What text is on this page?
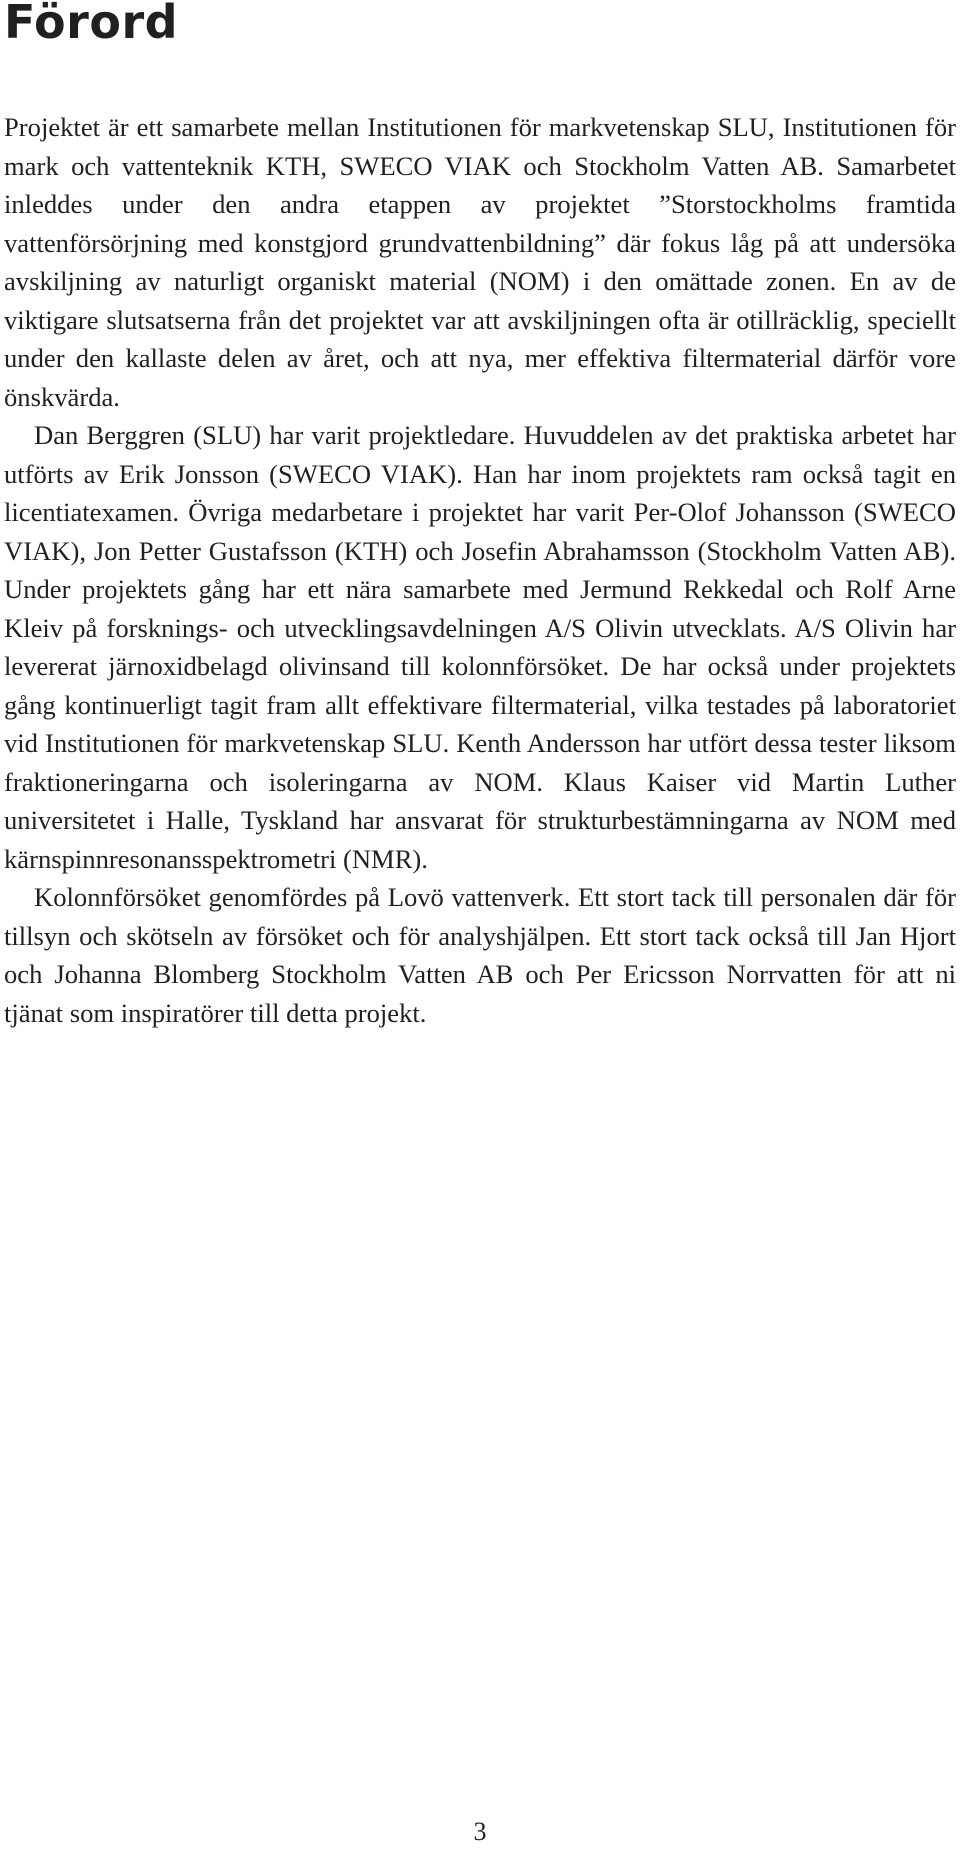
Förord

Projektet är ett samarbete mellan Institutionen för markvetenskap SLU, Institutionen för mark och vattenteknik KTH, SWECO VIAK och Stockholm Vatten AB. Samarbetet inleddes under den andra etappen av projektet ”Storstockholms framtida vattenförsörjning med konstgjord grundvattenbildning” där fokus låg på att undersöka avskiljning av naturligt organiskt material (NOM) i den omättade zonen. En av de viktigare slutsatserna från det projektet var att avskiljningen ofta är otillräcklig, speciellt under den kallaste delen av året, och att nya, mer effektiva filtermaterial därför vore önskvärda.

Dan Berggren (SLU) har varit projektledare. Huvuddelen av det praktiska arbetet har utförts av Erik Jonsson (SWECO VIAK). Han har inom projektets ram också tagit en licentiatexamen. Övriga medarbetare i projektet har varit Per-Olof Johansson (SWECO VIAK), Jon Petter Gustafsson (KTH) och Josefin Abrahamsson (Stockholm Vatten AB). Under projektets gång har ett nära samarbete med Jermund Rekkedal och Rolf Arne Kleiv på forsknings- och utvecklingsavdelningen A/S Olivin utvecklats. A/S Olivin har levererat järnoxidbelagd olivinsand till kolonnförsöket. De har också under projektets gång kontinuerligt tagit fram allt effektivare filtermaterial, vilka testades på laboratoriet vid Institutionen för markvetenskap SLU. Kenth Andersson har utfört dessa tester liksom fraktioneringarna och isoleringarna av NOM. Klaus Kaiser vid Martin Luther universitetet i Halle, Tyskland har ansvarat för strukturbestämningarna av NOM med kärnspinnresonansspektrometri (NMR).

Kolonnförsöket genomfördes på Lovö vattenverk. Ett stort tack till personalen där för tillsyn och skötseln av försöket och för analyshjälpen. Ett stort tack också till Jan Hjort och Johanna Blomberg Stockholm Vatten AB och Per Ericsson Norrvatten för att ni tjänat som inspiratörer till detta projekt.

3
